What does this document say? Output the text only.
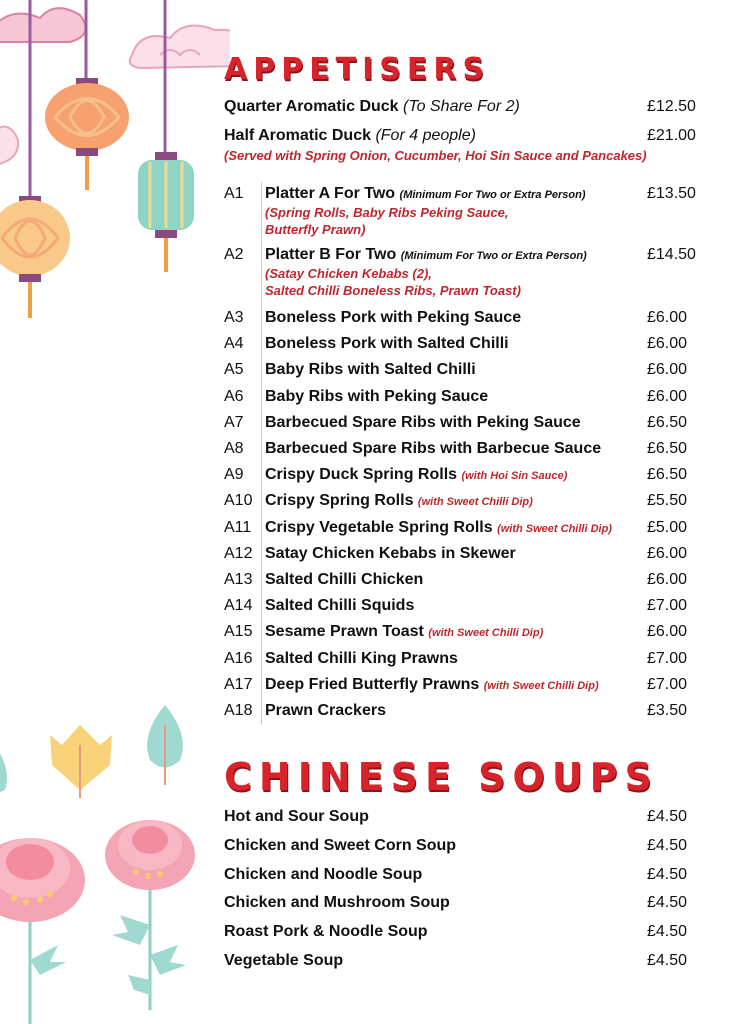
APPETISERS
Quarter Aromatic Duck (To Share For 2)	£12.50
Half Aromatic Duck (For 4 people)	£21.00
(Served with Spring Onion, Cucumber, Hoi Sin Sauce and Pancakes)
A1 Platter A For Two (Minimum For Two or Extra Person)	£13.50
(Spring Rolls, Baby Ribs Peking Sauce,
Butterfly Prawn)
A2 Platter B For Two (Minimum For Two or Extra Person)	£14.50
(Satay Chicken Kebabs (2),
Salted Chilli Boneless Ribs, Prawn Toast)
A3 Boneless Pork with Peking Sauce	£6.00
A4 Boneless Pork with Salted Chilli	£6.00
A5 Baby Ribs with Salted Chilli	£6.00
A6 Baby Ribs with Peking Sauce	£6.00
A7 Barbecued Spare Ribs with Peking Sauce	£6.50
A8 Barbecued Spare Ribs with Barbecue Sauce	£6.50
A9 Crispy Duck Spring Rolls (with Hoi Sin Sauce)	£6.50
A10 Crispy Spring Rolls (with Sweet Chilli Dip)	£5.50
A11 Crispy Vegetable Spring Rolls (with Sweet Chilli Dip) £5.00
A12 Satay Chicken Kebabs in Skewer	£6.00
A13 Salted Chilli Chicken	£6.00
A14 Salted Chilli Squids	£7.00
A15 Sesame Prawn Toast (with Sweet Chilli Dip)	£6.00
A16 Salted Chilli King Prawns	£7.00
A17 Deep Fried Butterfly Prawns (with Sweet Chilli Dip)	£7.00
A18 Prawn Crackers	£3.50
CHINESE SOUPS
Hot and Sour Soup	£4.50
Chicken and Sweet Corn Soup	£4.50
Chicken and Noodle Soup	£4.50
Chicken and Mushroom Soup	£4.50
Roast Pork & Noodle Soup	£4.50
Vegetable Soup	£4.50
